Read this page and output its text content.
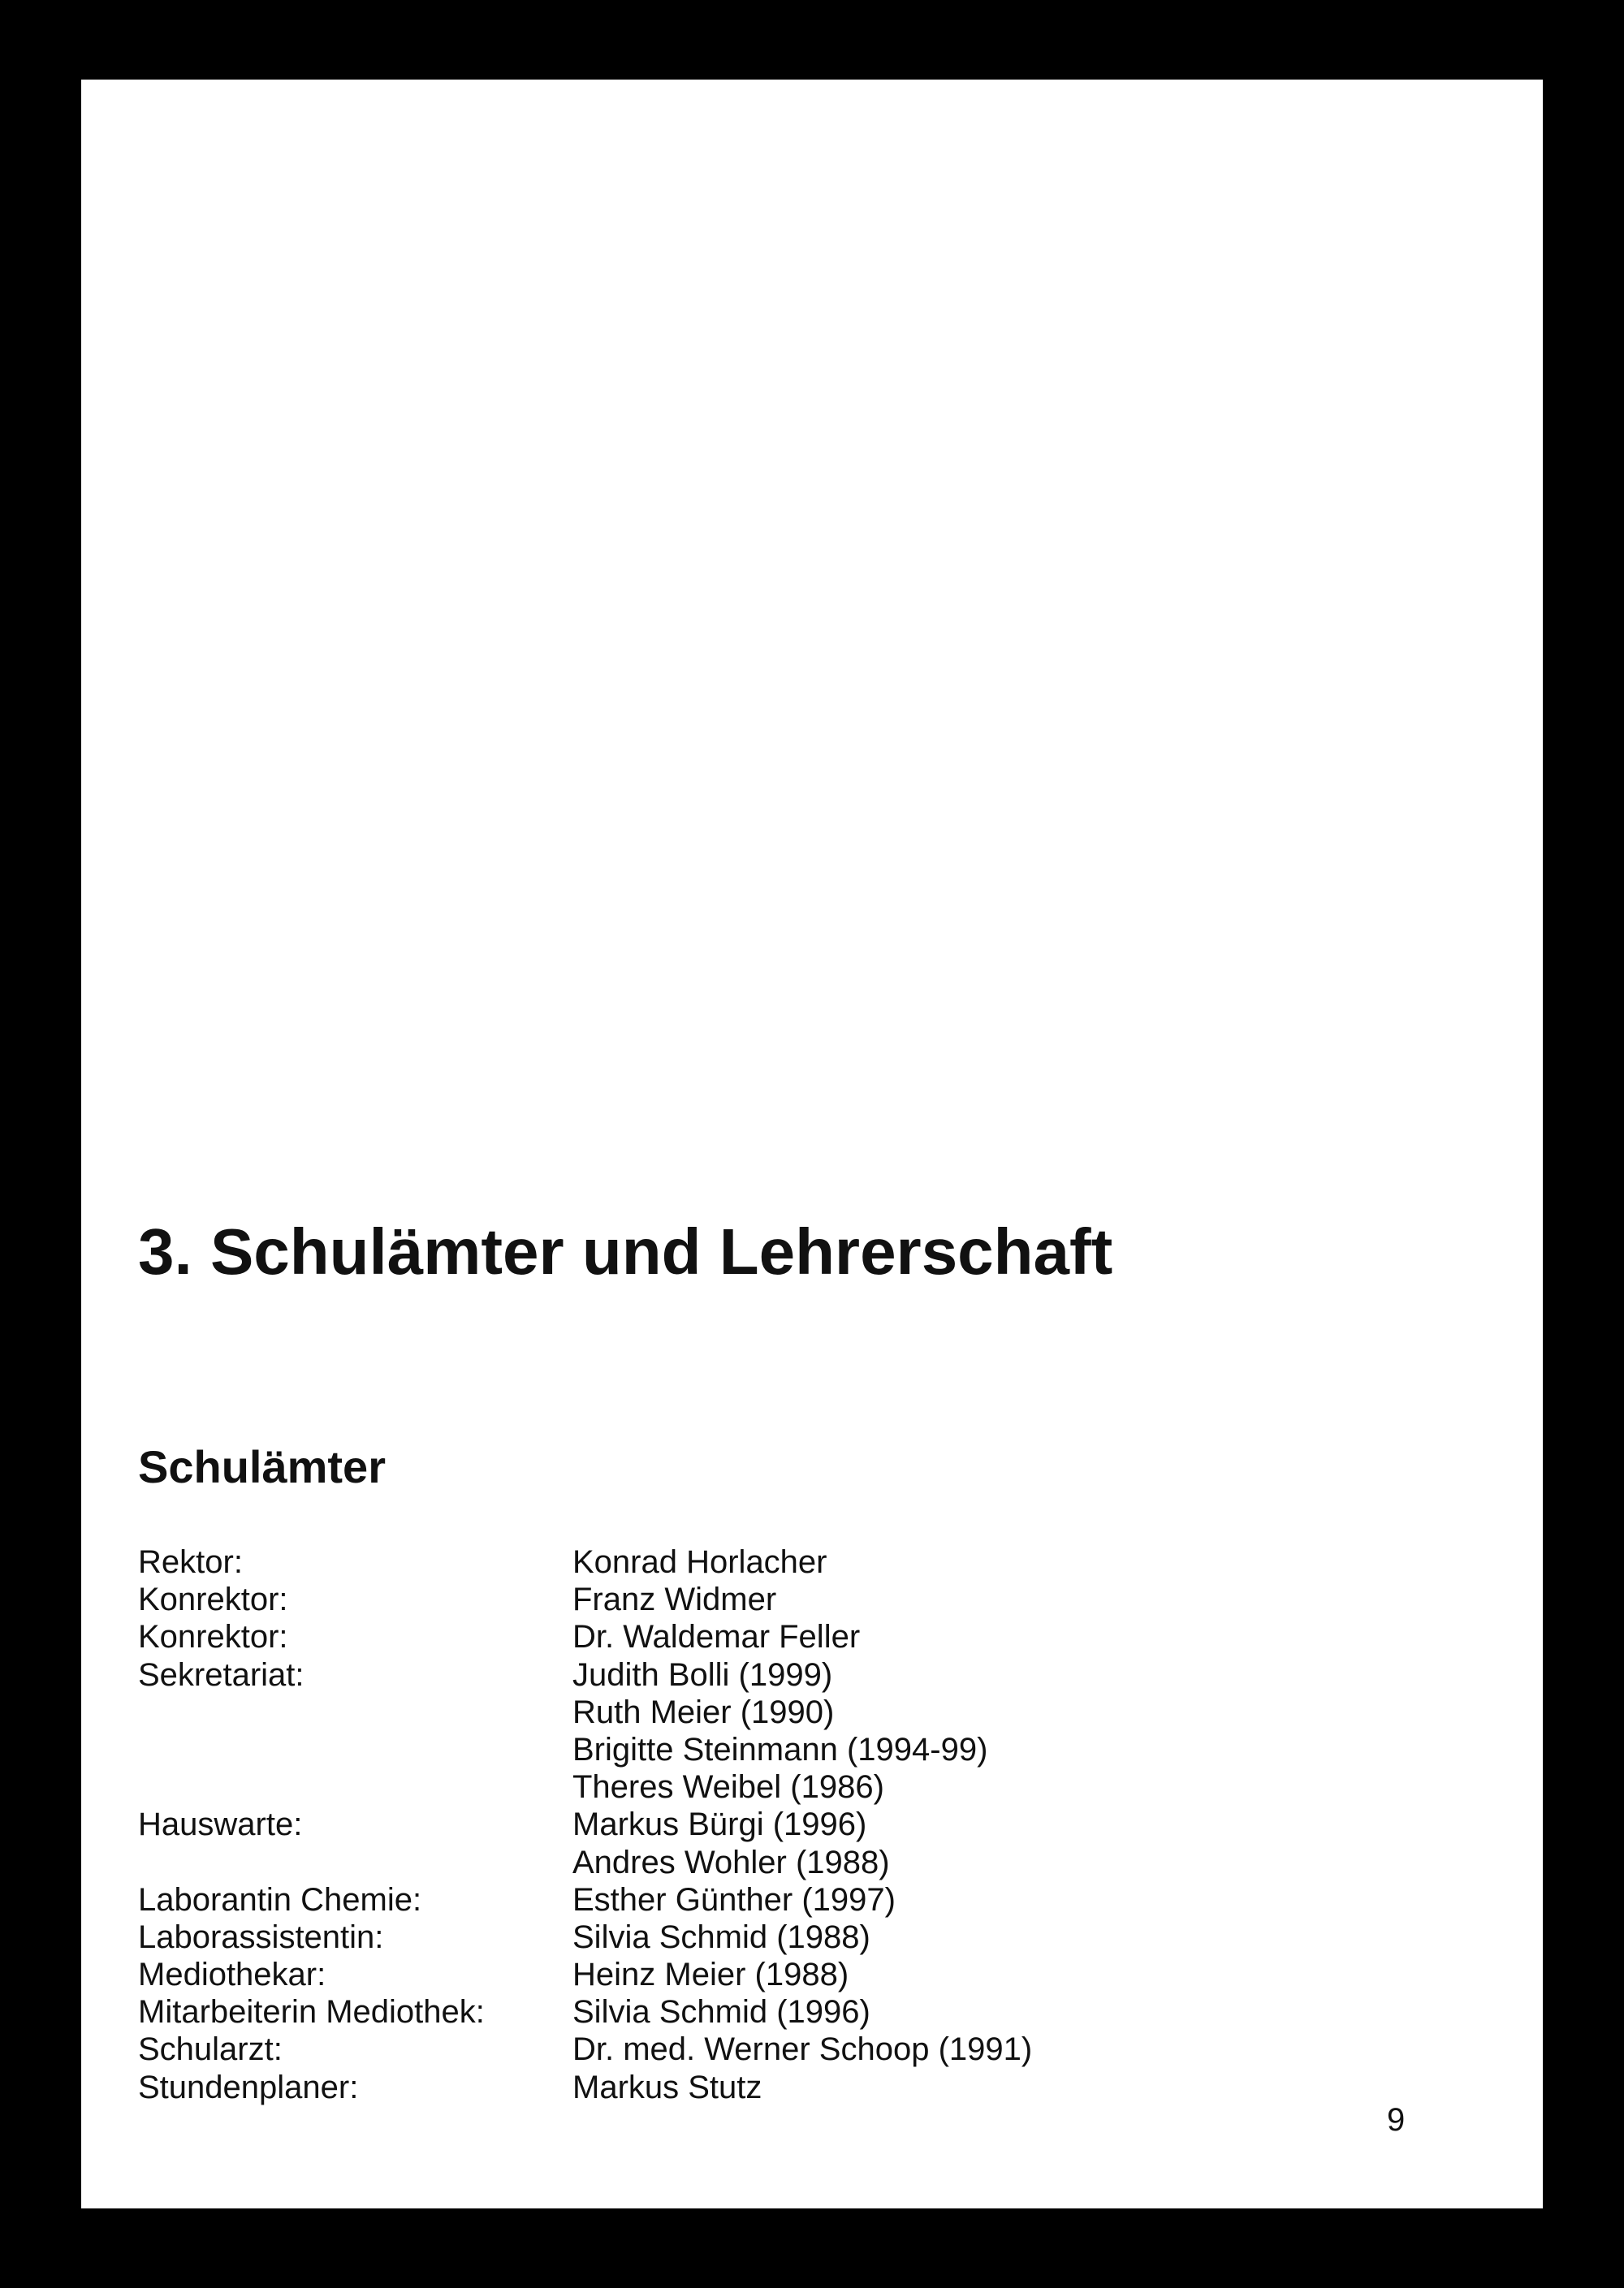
3. Schulämter und Lehrerschaft
Schulämter
Rektor:	Konrad Horlacher
Konrektor:	Franz Widmer
Konrektor:	Dr. Waldemar Feller
Sekretariat:	Judith Bolli (1999)
Ruth Meier (1990)
Brigitte Steinmann (1994-99)
Theres Weibel (1986)
Hauswarte:	Markus Bürgi (1996)
Andres Wohler (1988)
Laborantin Chemie:	Esther Günther (1997)
Laborassistentin:	Silvia Schmid (1988)
Mediothekar:	Heinz Meier (1988)
Mitarbeiterin Mediothek:	Silvia Schmid (1996)
Schularzt:	Dr. med. Werner Schoop (1991)
Stundenplaner:	Markus Stutz
9
